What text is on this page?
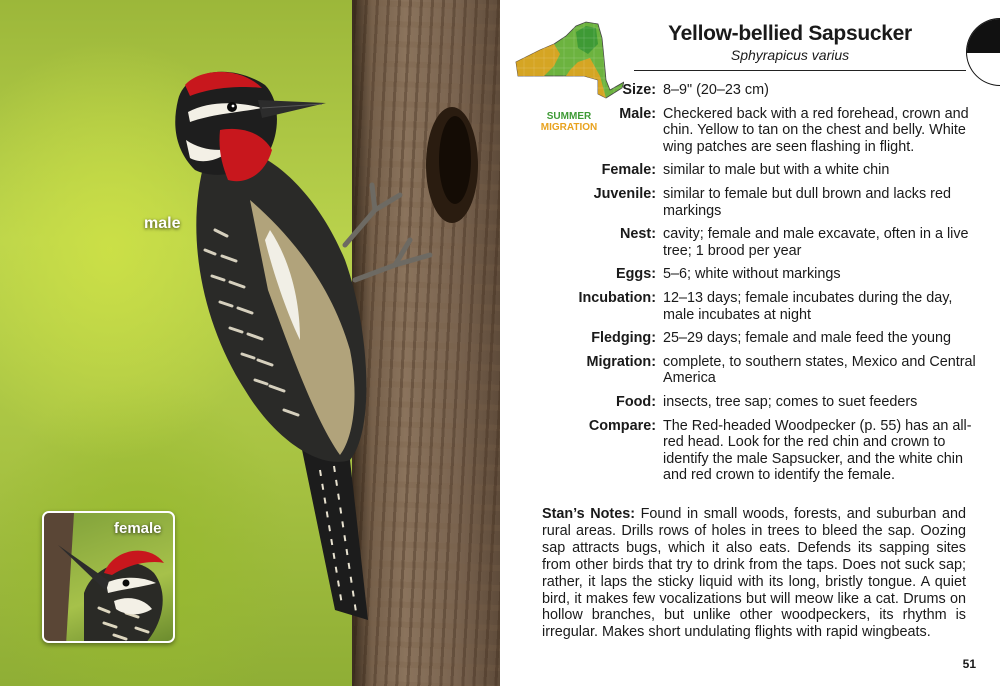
male
female
SUMMER
MIGRATION
Yellow-bellied Sapsucker
Sphyrapicus varius
Size: 8–9" (20–23 cm)
Male: Checkered back with a red forehead, crown and chin. Yellow to tan on the chest and belly. White wing patches are seen flashing in flight.
Female: similar to male but with a white chin
Juvenile: similar to female but dull brown and lacks red markings
Nest: cavity; female and male excavate, often in a live tree; 1 brood per year
Eggs: 5–6; white without markings
Incubation: 12–13 days; female incubates during the day, male incubates at night
Fledging: 25–29 days; female and male feed the young
Migration: complete, to southern states, Mexico and Central America
Food: insects, tree sap; comes to suet feeders
Compare: The Red-headed Woodpecker (p. 55) has an all-red head. Look for the red chin and crown to identify the male Sapsucker, and the white chin and red crown to identify the female.
Stan’s Notes: Found in small woods, forests, and suburban and rural areas. Drills rows of holes in trees to bleed the sap. Oozing sap attracts bugs, which it also eats. Defends its sapping sites from other birds that try to drink from the taps. Does not suck sap; rather, it laps the sticky liquid with its long, bristly tongue. A quiet bird, it makes few vocalizations but will meow like a cat. Drums on hollow branches, but unlike other woodpeckers, its rhythm is irregular. Makes short undulating flights with rapid wingbeats.
51
